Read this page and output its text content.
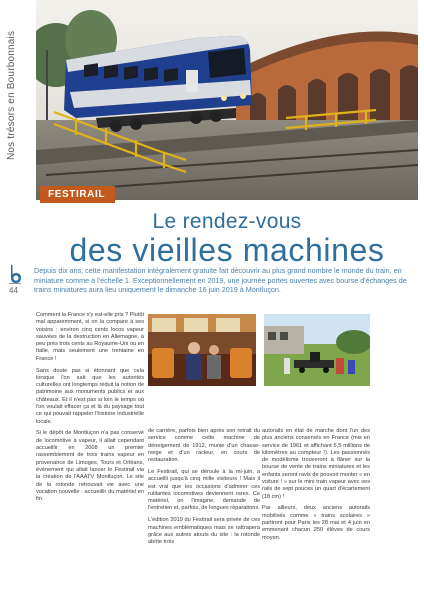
Nos trésors en Bourbonnais
44
FESTIRAIL
Le rendez-vous
des vieilles machines
Depuis dix ans, cette manifestation intégralement gratuite fait découvrir au plus grand nombre le monde du train, en miniature comme à l'échelle 1. Exceptionnellement en 2019, une journée portes ouvertes avec bourse d'échanges de trains miniatures aura lieu uniquement le dimanche 16 juin 2019 à Montluçon.

Comment la France s'y est-elle pris ? Plutôt mal apparemment, si on la compare à ses voisins : environ cinq cents locos vapeur sauvées de la destruction en Allemagne, à peu près trois cents au Royaume-Uni ou en Italie, mais seulement une trentaine en France !

Sans doute pas si étonnant que cela lorsque l'on sait que les autorités culturelles ont longtemps réduit la notion de patrimoine aux monuments publics et aux châteaux. Et il n'est pas si loin le temps où l'on voulait effacer ça et là du paysage tout ce qui pouvait rappeler l'histoire industrielle locale.

Si le dépôt de Montluçon n'a pas conservé de locomotive à vapeur, il allait cependant accueillir en 2008 un premier rassemblement de trois trains vapeur en provenance de Limoges, Tours et Orléans, événement qui allait lancer le Festirail via la création de l'AAATV Montluçon. Le site de la rotonde retrouvait vie avec une vocation nouvelle : accueillir du matériel en fin

de carrière, parfois bien après son retrait du service comme cette machine de déneigement de 1912, munie d'un chasse-neige et d'un racleur, en cours de restauration.

Le Festirail, qui se déroule à la mi-juin, a accueilli jusqu'à cinq mille visiteurs ! Mais il est vrai que les occasions d'admirer ces rutilantes locomotives deviennent rares. Ce matériel, on l'imagine, demande de l'entretien et, parfois, de longues réparations.

L'édition 2019 du Festirail sera privée de ces machines emblématiques mais se rattrapera grâce aux autres atouts du site : la rotonde abrite trois

autorails en état de marche dont l'un des plus anciens conservés en France (mis en service de 1961 et affichant 5,5 millions de kilomètres au compteur !). Les passionnés de modélisme trouveront à flâner sur la bourse de vente de trains miniatures et les enfants seront ravis de pouvoir monter « en voiture ! » sur le mini train vapeur avec ses rails de sept pouces un quart d'écartement (18 cm) !

Par ailleurs, deux anciens autorails mobilisés comme « trains scolaires » partiront pour Paris les 28 mai et 4 juin en emmenant chacun 250 élèves de cours moyen.
